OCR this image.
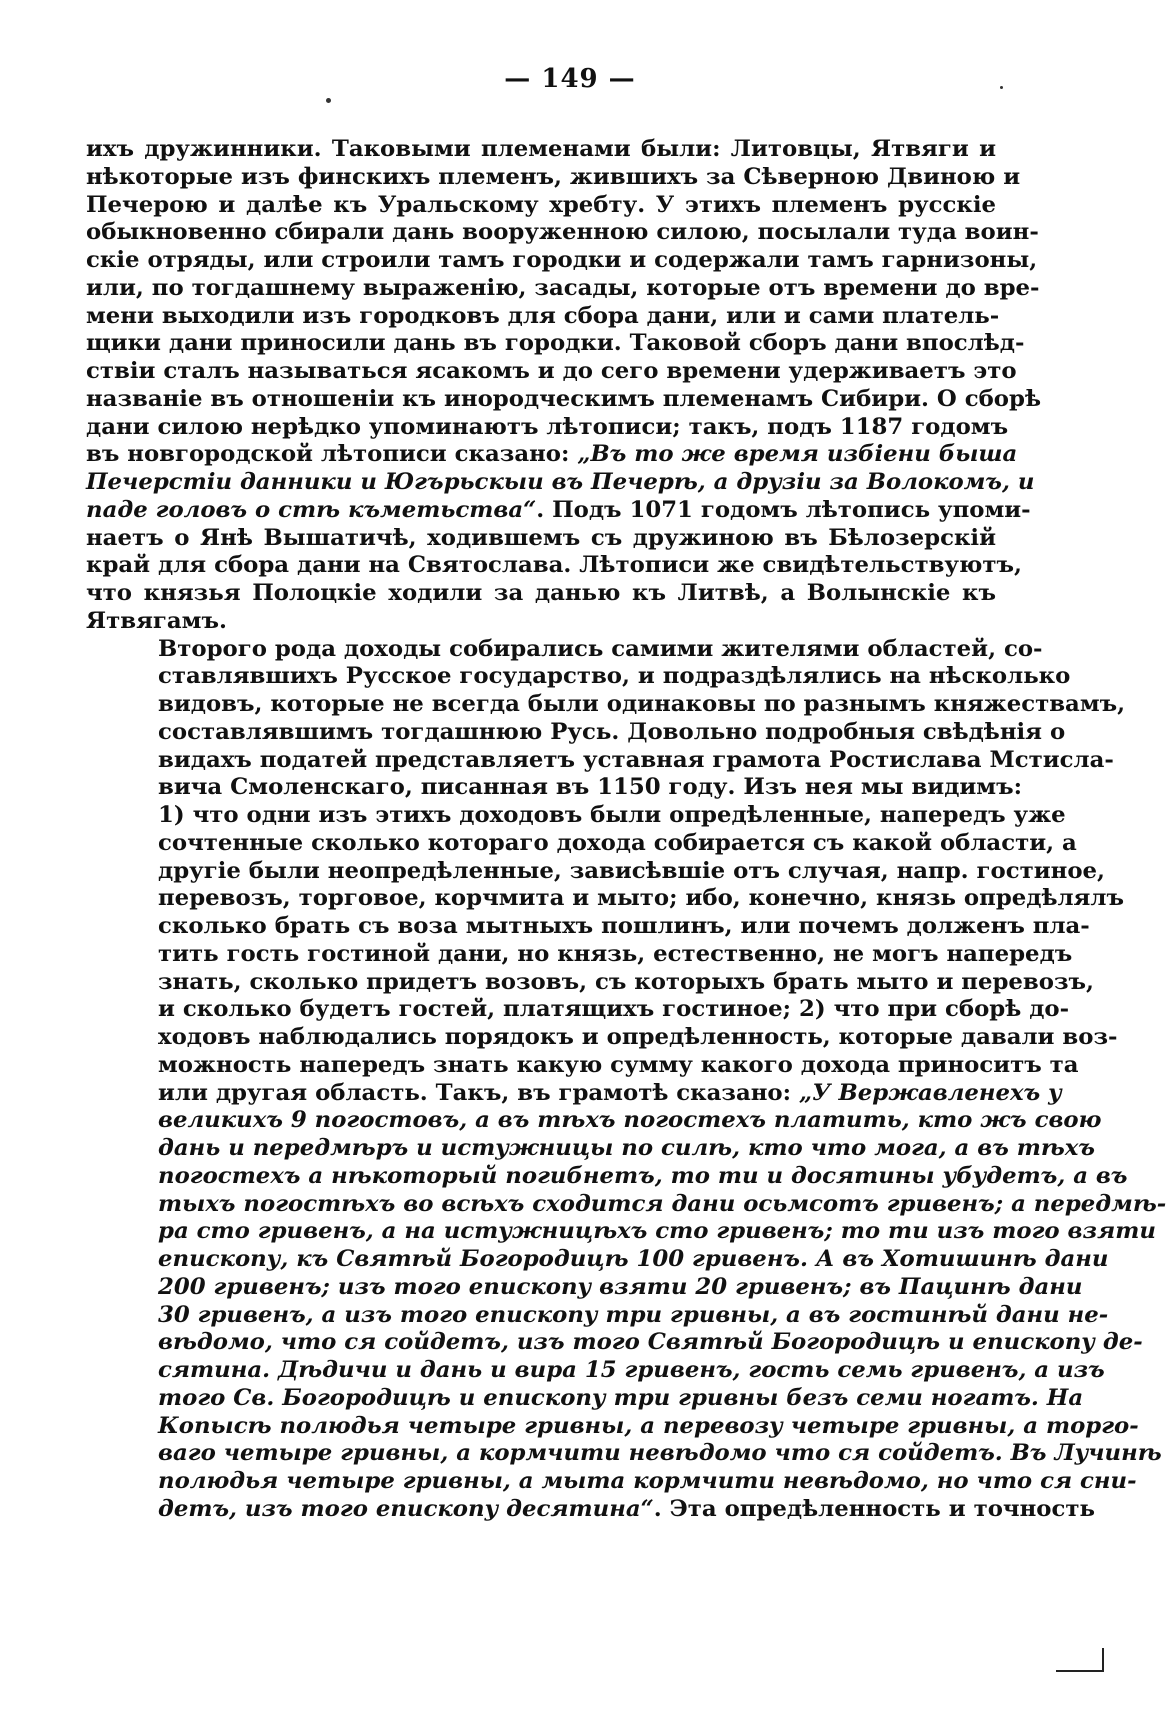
— 149 —

ихъ дружинники. Таковыми племенами были: Литовцы, Ятвяги и
нѣкоторые изъ финскихъ племенъ, жившихъ за Сѣверною Двиною и
Печерою и далѣе къ Уральскому хребту. У этихъ племенъ русскіе
обыкновенно сбирали дань вооруженною силою, посылали туда воин-
скіе отряды, или строили тамъ городки и содержали тамъ гарнизоны,
или, по тогдашнему выраженію, засады, которые отъ времени до вре-
мени выходили изъ городковъ для сбора дани, или и сами платель-
щики дани приносили дань въ городки. Таковой сборъ дани впослѣд-
ствіи сталъ называться ясакомъ и до сего времени удерживаетъ это
названіе въ отношеніи къ инородческимъ племенамъ Сибири. О сборѣ
дани силою нерѣдко упоминаютъ лѣтописи; такъ, подъ 1187 годомъ
въ новгородской лѣтописи сказано: „Въ то же время избіени быша
Печерстіи данники и Югърьскыи въ Печерѣ, а друзіи за Волокомъ, и
паде головъ о стѣ къметьства“. Подъ 1071 годомъ лѣтопись упоми-
наетъ о Янѣ Вышатичѣ, ходившемъ съ дружиною въ Бѣлозерскій
край для сбора дани на Святослава. Лѣтописи же свидѣтельствуютъ,
что князья Полоцкіе ходили за данью къ Литвѣ, а Волынскіе къ
Ятвягамъ.

Второго рода доходы собирались самими жителями областей, со-
ставлявшихъ Русское государство, и подраздѣлялись на нѣсколько
видовъ, которые не всегда были одинаковы по разнымъ княжествамъ,
составлявшимъ тогдашнюю Русь. Довольно подробныя свѣдѣнія о
видахъ податей представляетъ уставная грамота Ростислава Мстисла-
вича Смоленскаго, писанная въ 1150 году. Изъ нея мы видимъ:
1) что одни изъ этихъ доходовъ были опредѣленные, напередъ уже
сочтенные сколько котораго дохода собирается съ какой области, а
другіе были неопредѣленные, зависѣвшіе отъ случая, напр. гостиное,
перевозъ, торговое, корчмита и мыто; ибо, конечно, князь опредѣлялъ
сколько брать съ воза мытныхъ пошлинъ, или почемъ долженъ пла-
тить гость гостиной дани, но князь, естественно, не могъ напередъ
знать, сколько придетъ возовъ, съ которыхъ брать мыто и перевозъ,
и сколько будетъ гостей, платящихъ гостиное; 2) что при сборѣ до-
ходовъ наблюдались порядокъ и опредѣленность, которые давали воз-
можность напередъ знать какую сумму какого дохода приноситъ та
или другая область. Такъ, въ грамотѣ сказано: „У Вержавленехъ у
великихъ 9 погостовъ, а въ тѣхъ погостехъ платить, кто жъ свою
дань и передмѣръ и истужницы по силѣ, кто что мога, а въ тѣхъ
погостехъ а нѣкоторый погибнетъ, то ти и досятины убудетъ, а въ
тыхъ погостѣхъ во всѣхъ сходится дани осьмсотъ гривенъ; а передмѣ-
ра сто гривенъ, а на истужницѣхъ сто гривенъ; то ти изъ того взяти
епископу, къ Святѣй Богородицѣ 100 гривенъ. А въ Хотишинѣ дани
200 гривенъ; изъ того епископу взяти 20 гривенъ; въ Пацинѣ дани
30 гривенъ, а изъ того епископу три гривны, а въ гостинѣй дани не-
вѣдомо, что ся сойдетъ, изъ того Святѣй Богородицѣ и епископу де-
сятина. Дѣдичи и дань и вира 15 гривенъ, гость семь гривенъ, а изъ
того Св. Богородицѣ и епископу три гривны безъ семи ногатъ. На
Копысѣ полюдья четыре гривны, а перевозу четыре гривны, а торго-
ваго четыре гривны, а кормчити невѣдомо что ся сойдетъ. Въ Лучинѣ
полюдья четыре гривны, а мыта кормчити невѣдомо, но что ся сни-
детъ, изъ того епископу десятина“. Эта опредѣленность и точность
